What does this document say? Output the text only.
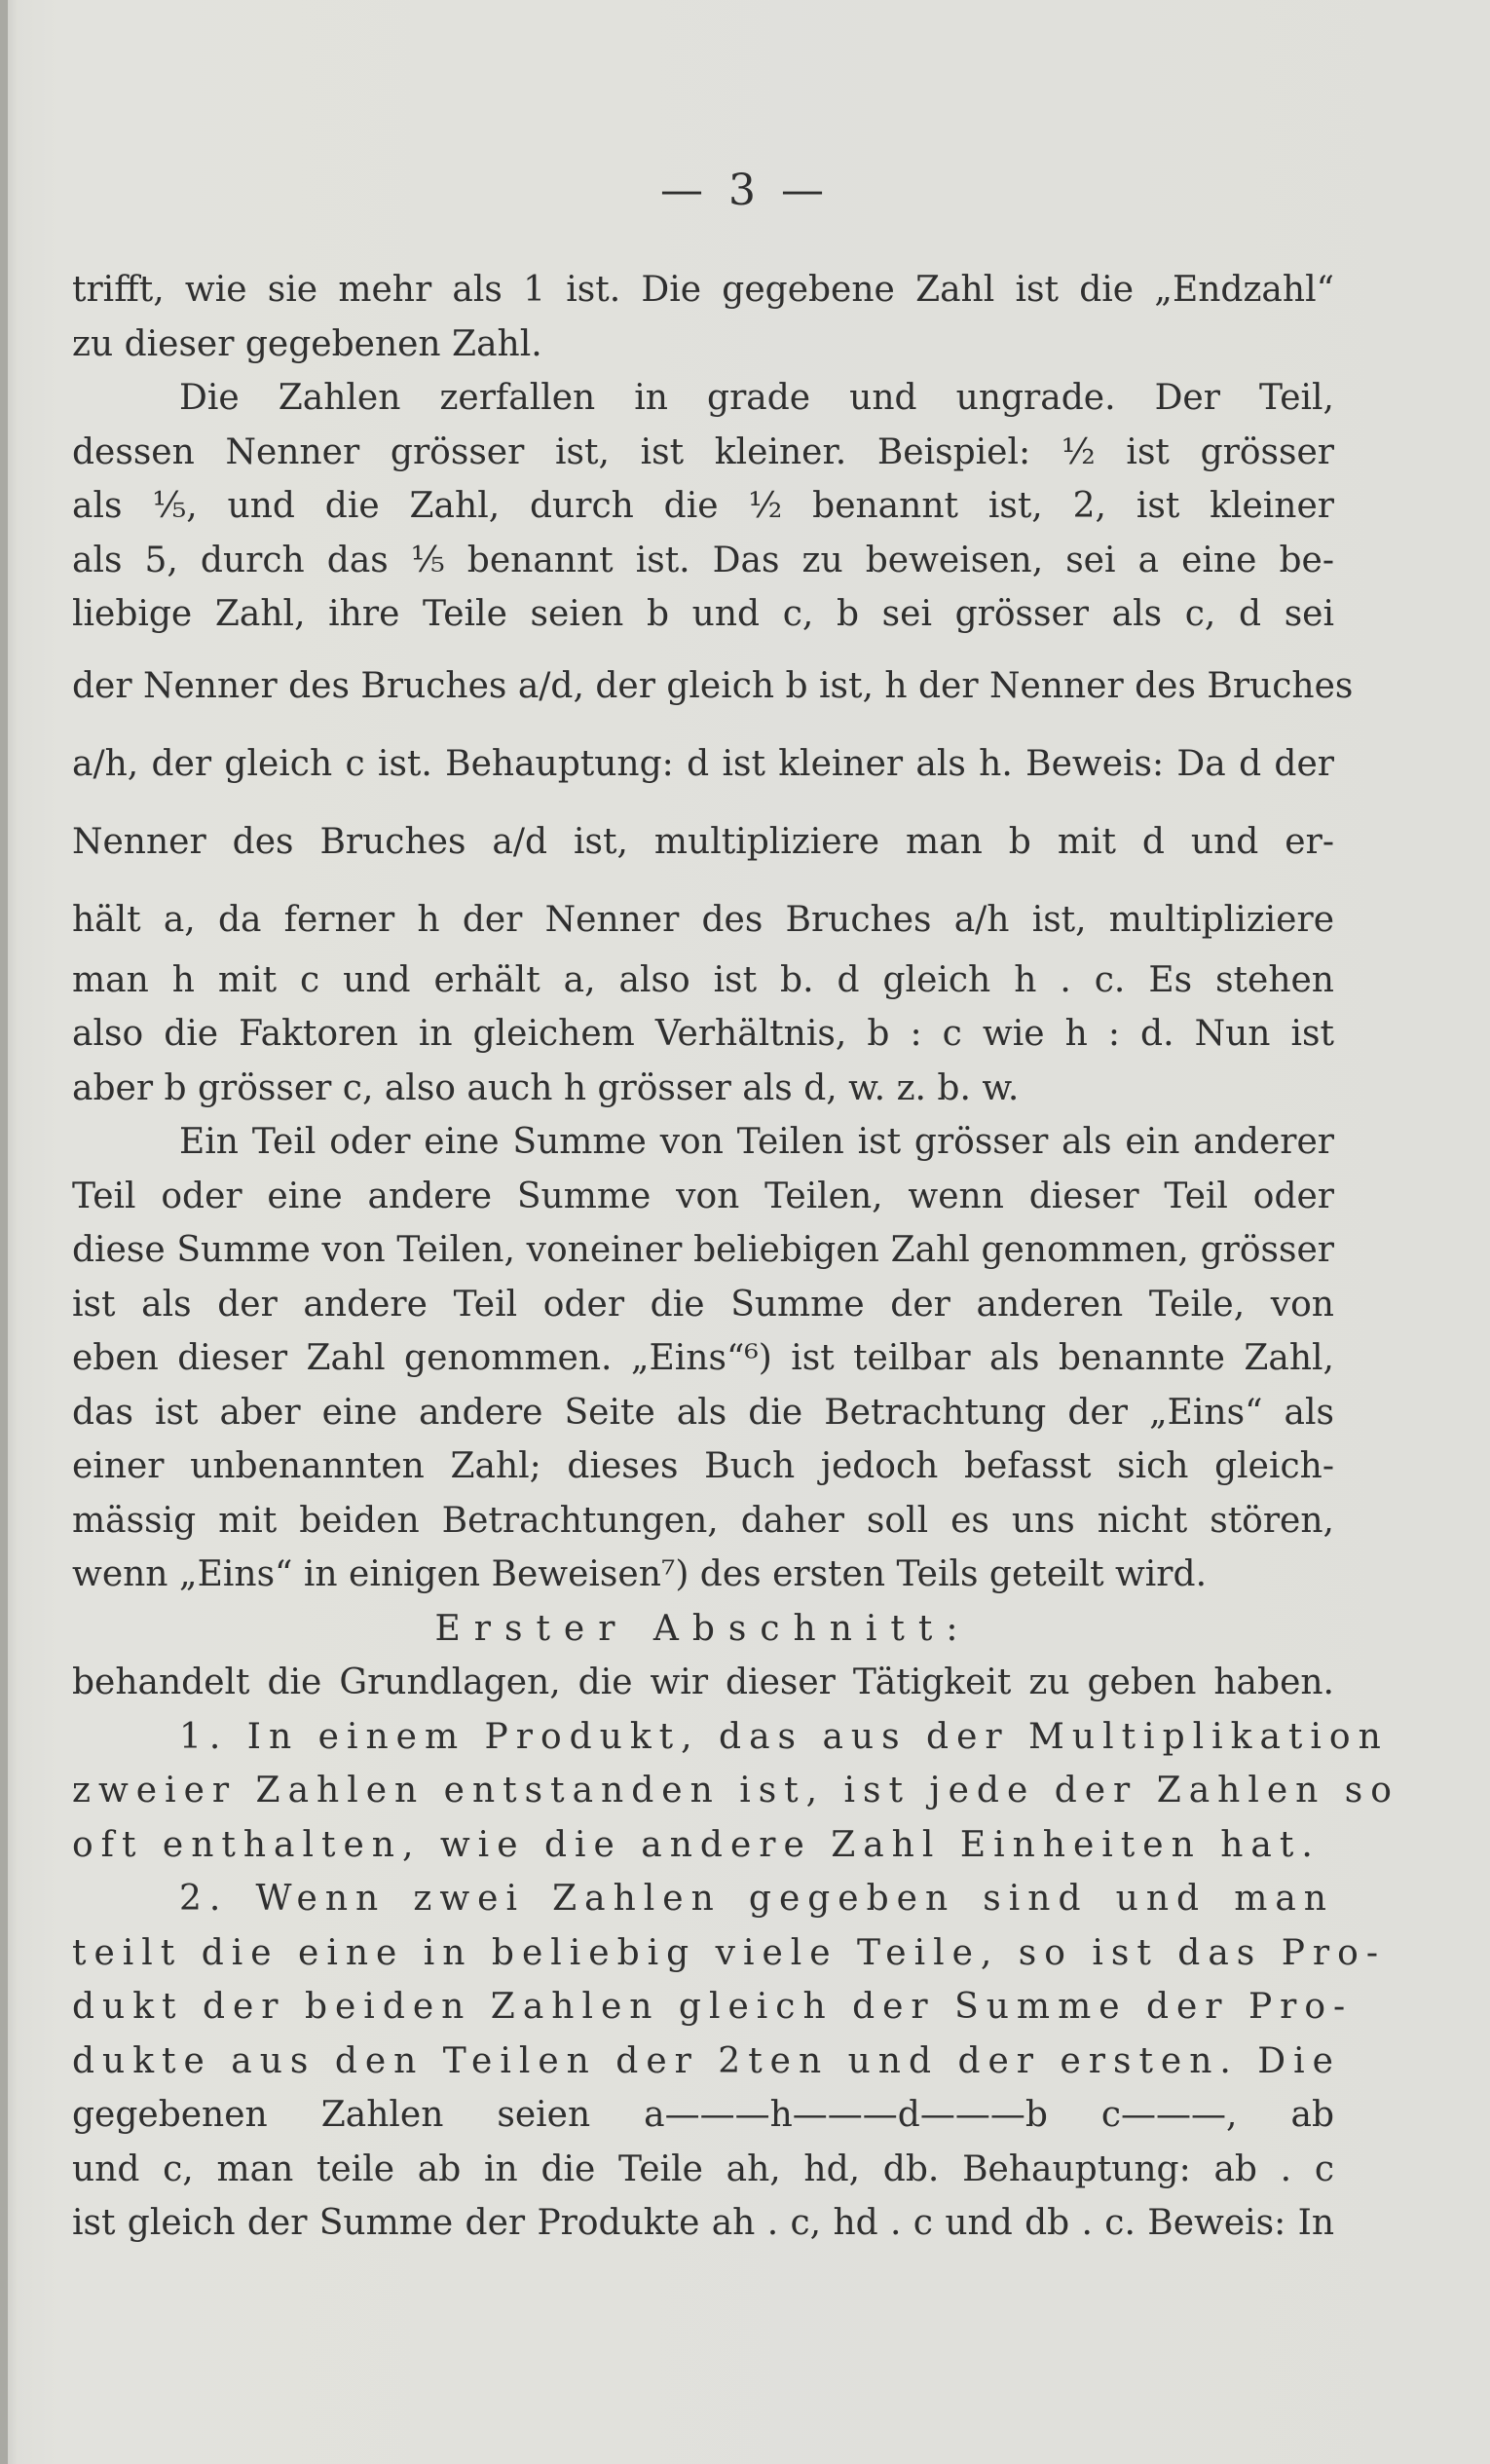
— 3 —
trifft, wie sie mehr als 1 ist. Die gegebene Zahl ist die „Endzahl“
zu dieser gegebenen Zahl.
Die Zahlen zerfallen in grade und ungrade. Der Teil,
dessen Nenner grösser ist, ist kleiner. Beispiel: ½ ist grösser
als ⅕, und die Zahl, durch die ½ benannt ist, 2, ist kleiner
als 5, durch das ⅕ benannt ist. Das zu beweisen, sei a eine be-
liebige Zahl, ihre Teile seien b und c, b sei grösser als c, d sei
der Nenner des Bruches a/d, der gleich b ist, h der Nenner des Bruches
a/h, der gleich c ist. Behauptung: d ist kleiner als h. Beweis: Da d der
Nenner des Bruches a/d ist, multipliziere man b mit d und er-
hält a, da ferner h der Nenner des Bruches a/h ist, multipliziere
man h mit c und erhält a, also ist b. d gleich h . c. Es stehen
also die Faktoren in gleichem Verhältnis, b : c wie h : d. Nun ist
aber b grösser c, also auch h grösser als d, w. z. b. w.
Ein Teil oder eine Summe von Teilen ist grösser als ein anderer
Teil oder eine andere Summe von Teilen, wenn dieser Teil oder
diese Summe von Teilen, voneiner beliebigen Zahl genommen, grösser
ist als der andere Teil oder die Summe der anderen Teile, von
eben dieser Zahl genommen. „Eins“⁶) ist teilbar als benannte Zahl,
das ist aber eine andere Seite als die Betrachtung der „Eins“ als
einer unbenannten Zahl; dieses Buch jedoch befasst sich gleich-
mässig mit beiden Betrachtungen, daher soll es uns nicht stören,
wenn „Eins“ in einigen Beweisen⁷) des ersten Teils geteilt wird.
Erster Abschnitt:
behandelt die Grundlagen, die wir dieser Tätigkeit zu geben haben.
1. In einem Produkt, das aus der Multiplikation
zweier Zahlen entstanden ist, ist jede der Zahlen so
oft enthalten, wie die andere Zahl Einheiten hat.
2. Wenn zwei Zahlen gegeben sind und man
teilt die eine in beliebig viele Teile, so ist das Pro-
dukt der beiden Zahlen gleich der Summe der Pro-
dukte aus den Teilen der 2ten und der ersten. Die
gegebenen Zahlen seien a———h———d———b c———, ab
und c, man teile ab in die Teile ah, hd, db. Behauptung: ab . c
ist gleich der Summe der Produkte ah . c, hd . c und db . c. Beweis: In
